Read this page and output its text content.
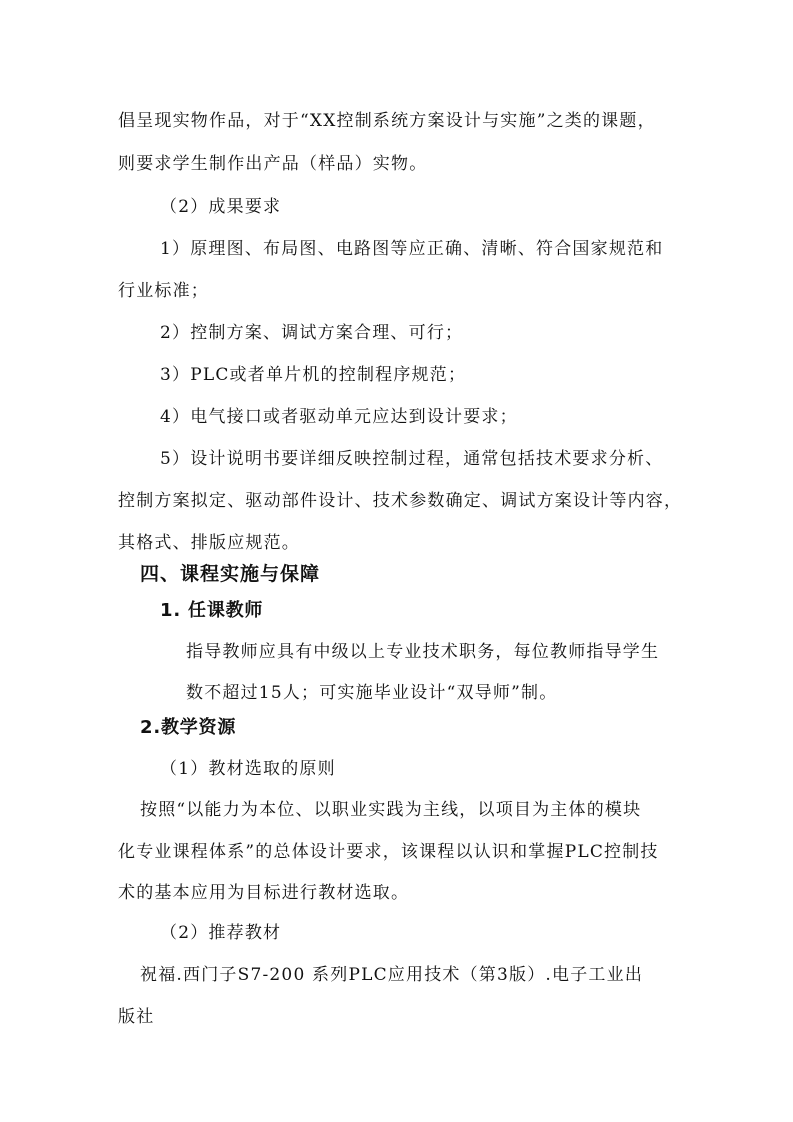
倡呈现实物作品，对于“XX控制系统方案设计与实施”之类的课题，

则要求学生制作出产品（样品）实物。

（2）成果要求

1）原理图、布局图、电路图等应正确、清晰、符合国家规范和

行业标准；

2）控制方案、调试方案合理、可行；

3）PLC或者单片机的控制程序规范；

4）电气接口或者驱动单元应达到设计要求；

5）设计说明书要详细反映控制过程，通常包括技术要求分析、

控制方案拟定、驱动部件设计、技术参数确定、调试方案设计等内容，

其格式、排版应规范。

四、课程实施与保障

1. 任课教师

指导教师应具有中级以上专业技术职务，每位教师指导学生

数不超过15人；可实施毕业设计“双导师”制。

2.教学资源

（1）教材选取的原则

按照“以能力为本位、以职业实践为主线，以项目为主体的模块

化专业课程体系”的总体设计要求，该课程以认识和掌握PLC控制技

术的基本应用为目标进行教材选取。

（2）推荐教材

祝福.西门子S7-200 系列PLC应用技术（第3版）.电子工业出

版社
